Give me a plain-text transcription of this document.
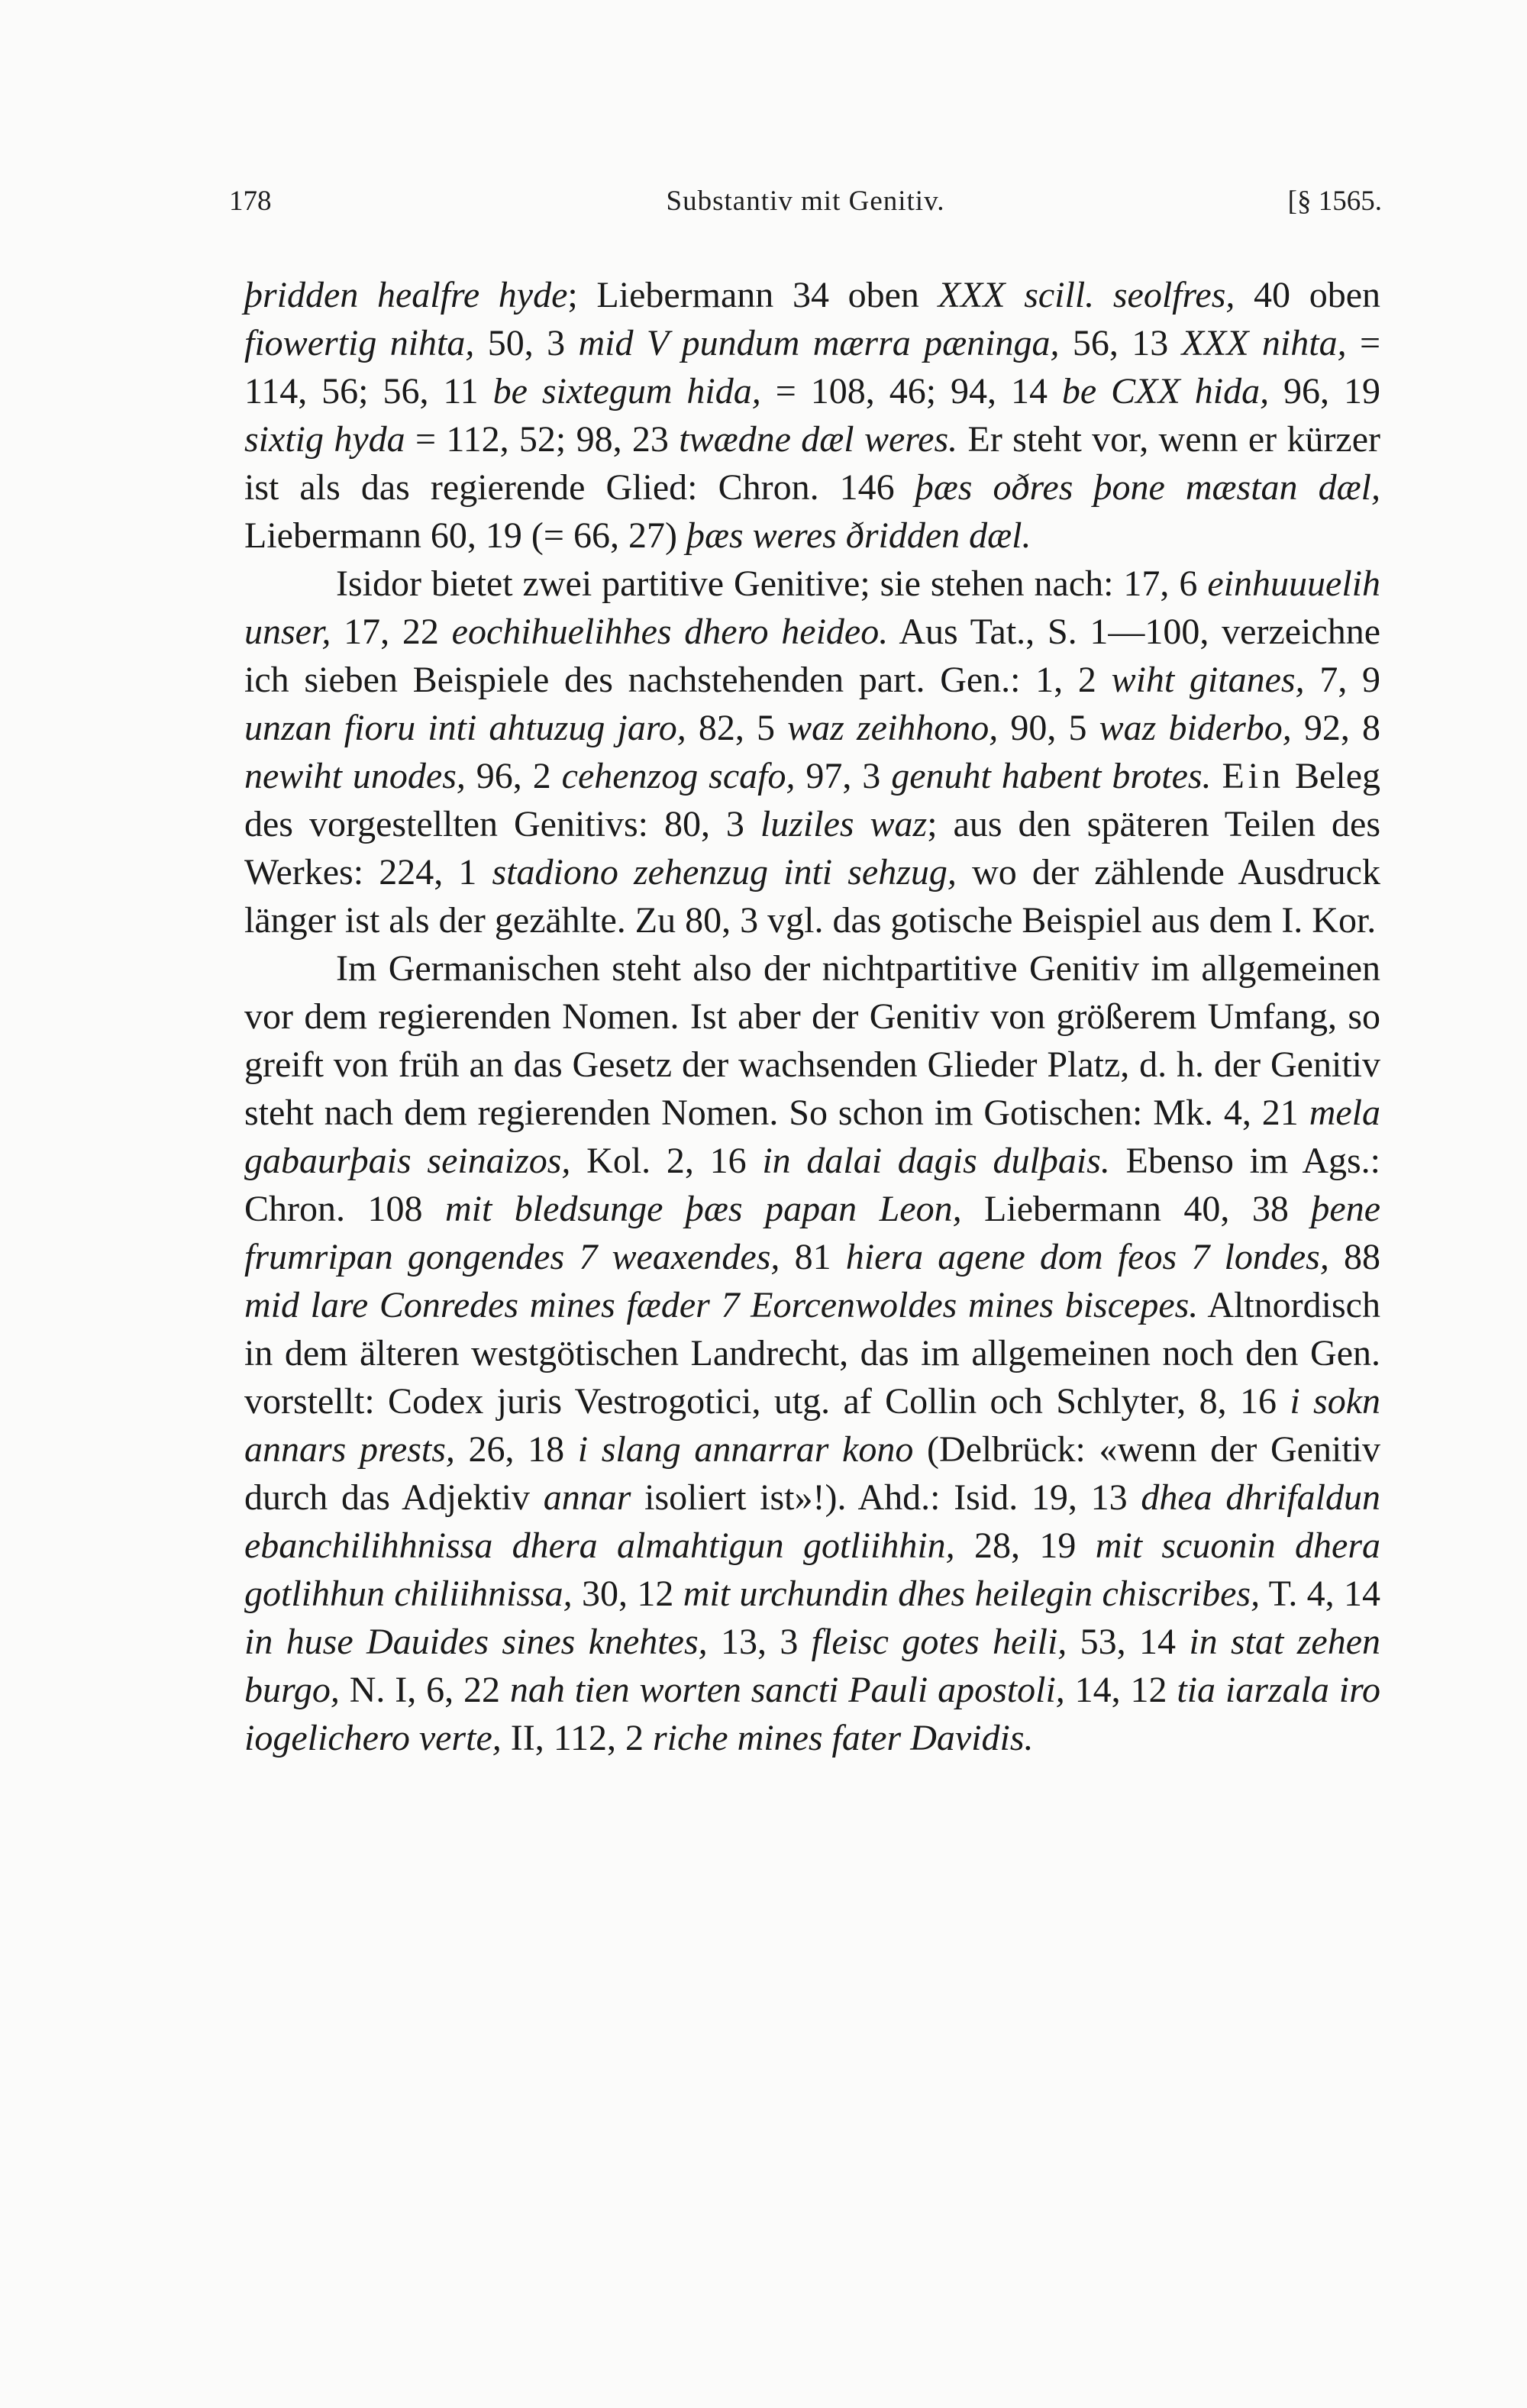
178	Substantiv mit Genitiv.	[§ 1565.

þridden healfre hyde; Liebermann 34 oben XXX scill. seolfres, 40 oben fiowertig nihta, 50, 3 mid V pundum mærra pæninga, 56, 13 XXX nihta, = 114, 56; 56, 11 be sixtegum hida, = 108, 46; 94, 14 be CXX hida, 96, 19 sixtig hyda = 112, 52; 98, 23 twædne dæl weres. Er steht vor, wenn er kürzer ist als das regierende Glied: Chron. 146 þæs oðres þone mæstan dæl, Liebermann 60, 19 (= 66, 27) þæs weres ðridden dæl.

Isidor bietet zwei partitive Genitive; sie stehen nach: 17, 6 einhuuuelih unser, 17, 22 eochihuelihhes dhero heideo. Aus Tat., S. 1—100, verzeichne ich sieben Beispiele des nachstehenden part. Gen.: 1, 2 wiht gitanes, 7, 9 unzan fioru inti ahtuzug jaro, 82, 5 waz zeihhono, 90, 5 waz biderbo, 92, 8 newiht unodes, 96, 2 cehenzog scafo, 97, 3 genuht habent brotes. Ein Beleg des vorgestellten Genitivs: 80, 3 luziles waz; aus den späteren Teilen des Werkes: 224, 1 stadiono zehenzug inti sehzug, wo der zählende Ausdruck länger ist als der gezählte. Zu 80, 3 vgl. das gotische Beispiel aus dem I. Kor.

Im Germanischen steht also der nichtpartitive Genitiv im allgemeinen vor dem regierenden Nomen. Ist aber der Genitiv von größerem Umfang, so greift von früh an das Gesetz der wachsenden Glieder Platz, d. h. der Genitiv steht nach dem regierenden Nomen. So schon im Gotischen: Mk. 4, 21 mela gabaurþais seinaizos, Kol. 2, 16 in dalai dagis dulþais. Ebenso im Ags.: Chron. 108 mit bledsunge þæs papan Leon, Liebermann 40, 38 þene frumripan gongendes 7 weaxendes, 81 hiera agene dom feos 7 londes, 88 mid lare Conredes mines fæder 7 Eorcenwoldes mines biscepes. Altnordisch in dem älteren westgötischen Landrecht, das im allgemeinen noch den Gen. vorstellt: Codex juris Vestrogotici, utg. af Collin och Schlyter, 8, 16 i sokn annars prests, 26, 18 i slang annarrar kono (Delbrück: «wenn der Genitiv durch das Adjektiv annar isoliert ist»!). Ahd.: Isid. 19, 13 dhea dhrifaldun ebanchilihhnissa dhera almahtigun gotliihhin, 28, 19 mit scuonin dhera gotlihhun chiliihnissa, 30, 12 mit urchundin dhes heilegin chiscribes, T. 4, 14 in huse Dauides sines knehtes, 13, 3 fleisc gotes heili, 53, 14 in stat zehen burgo, N. I, 6, 22 nah tien worten sancti Pauli apostoli, 14, 12 tia iarzala iro iogelichero verte, II, 112, 2 riche mines fater Davidis.
